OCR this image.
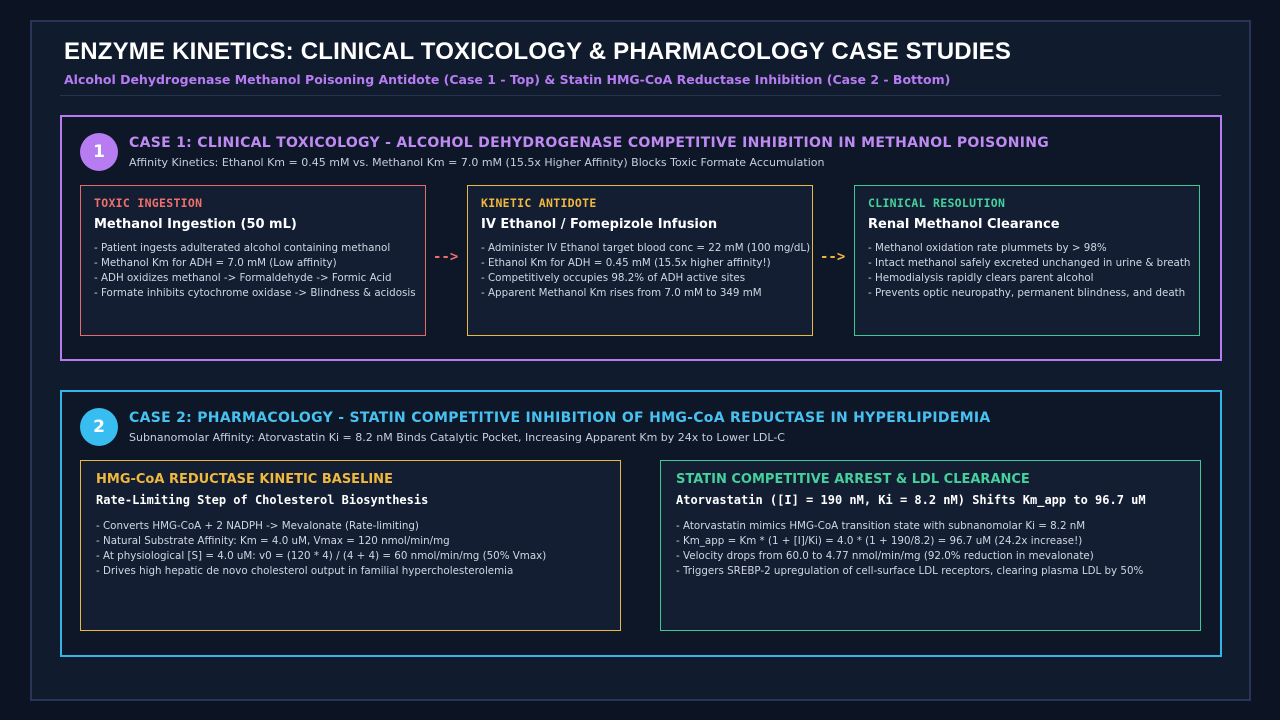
ENZYME KINETICS: CLINICAL TOXICOLOGY & PHARMACOLOGY CASE STUDIES
Alcohol Dehydrogenase Methanol Poisoning Antidote (Case 1 - Top) & Statin HMG-CoA Reductase Inhibition (Case 2 - Bottom)
1	CASE 1: CLINICAL TOXICOLOGY - ALCOHOL DEHYDROGENASE COMPETITIVE INHIBITION IN METHANOL POISONING
Affinity Kinetics: Ethanol Km = 0.45 mM vs. Methanol Km = 7.0 mM (15.5x Higher Affinity) Blocks Toxic Formate Accumulation
TOXIC INGESTION
Methanol Ingestion (50 mL)
- Patient ingests adulterated alcohol containing methanol
- Methanol Km for ADH = 7.0 mM (Low affinity)
- ADH oxidizes methanol -> Formaldehyde -> Formic Acid
- Formate inhibits cytochrome oxidase -> Blindness & acidosis
-->
KINETIC ANTIDOTE
IV Ethanol / Fomepizole Infusion
- Administer IV Ethanol target blood conc = 22 mM (100 mg/dL)
- Ethanol Km for ADH = 0.45 mM (15.5x higher affinity!)
- Competitively occupies 98.2% of ADH active sites
- Apparent Methanol Km rises from 7.0 mM to 349 mM
-->
CLINICAL RESOLUTION
Renal Methanol Clearance
- Methanol oxidation rate plummets by > 98%
- Intact methanol safely excreted unchanged in urine & breath
- Hemodialysis rapidly clears parent alcohol
- Prevents optic neuropathy, permanent blindness, and death
2	CASE 2: PHARMACOLOGY - STATIN COMPETITIVE INHIBITION OF HMG-CoA REDUCTASE IN HYPERLIPIDEMIA
Subnanomolar Affinity: Atorvastatin Ki = 8.2 nM Binds Catalytic Pocket, Increasing Apparent Km by 24x to Lower LDL-C
HMG-CoA REDUCTASE KINETIC BASELINE
Rate-Limiting Step of Cholesterol Biosynthesis
- Converts HMG-CoA + 2 NADPH -> Mevalonate (Rate-limiting)
- Natural Substrate Affinity: Km = 4.0 uM, Vmax = 120 nmol/min/mg
- At physiological [S] = 4.0 uM: v0 = (120 * 4) / (4 + 4) = 60 nmol/min/mg (50% Vmax)
- Drives high hepatic de novo cholesterol output in familial hypercholesterolemia
STATIN COMPETITIVE ARREST & LDL CLEARANCE
Atorvastatin ([I] = 190 nM, Ki = 8.2 nM) Shifts Km_app to 96.7 uM
- Atorvastatin mimics HMG-CoA transition state with subnanomolar Ki = 8.2 nM
- Km_app = Km * (1 + [I]/Ki) = 4.0 * (1 + 190/8.2) = 96.7 uM (24.2x increase!)
- Velocity drops from 60.0 to 4.77 nmol/min/mg (92.0% reduction in mevalonate)
- Triggers SREBP-2 upregulation of cell-surface LDL receptors, clearing plasma LDL by 50%
